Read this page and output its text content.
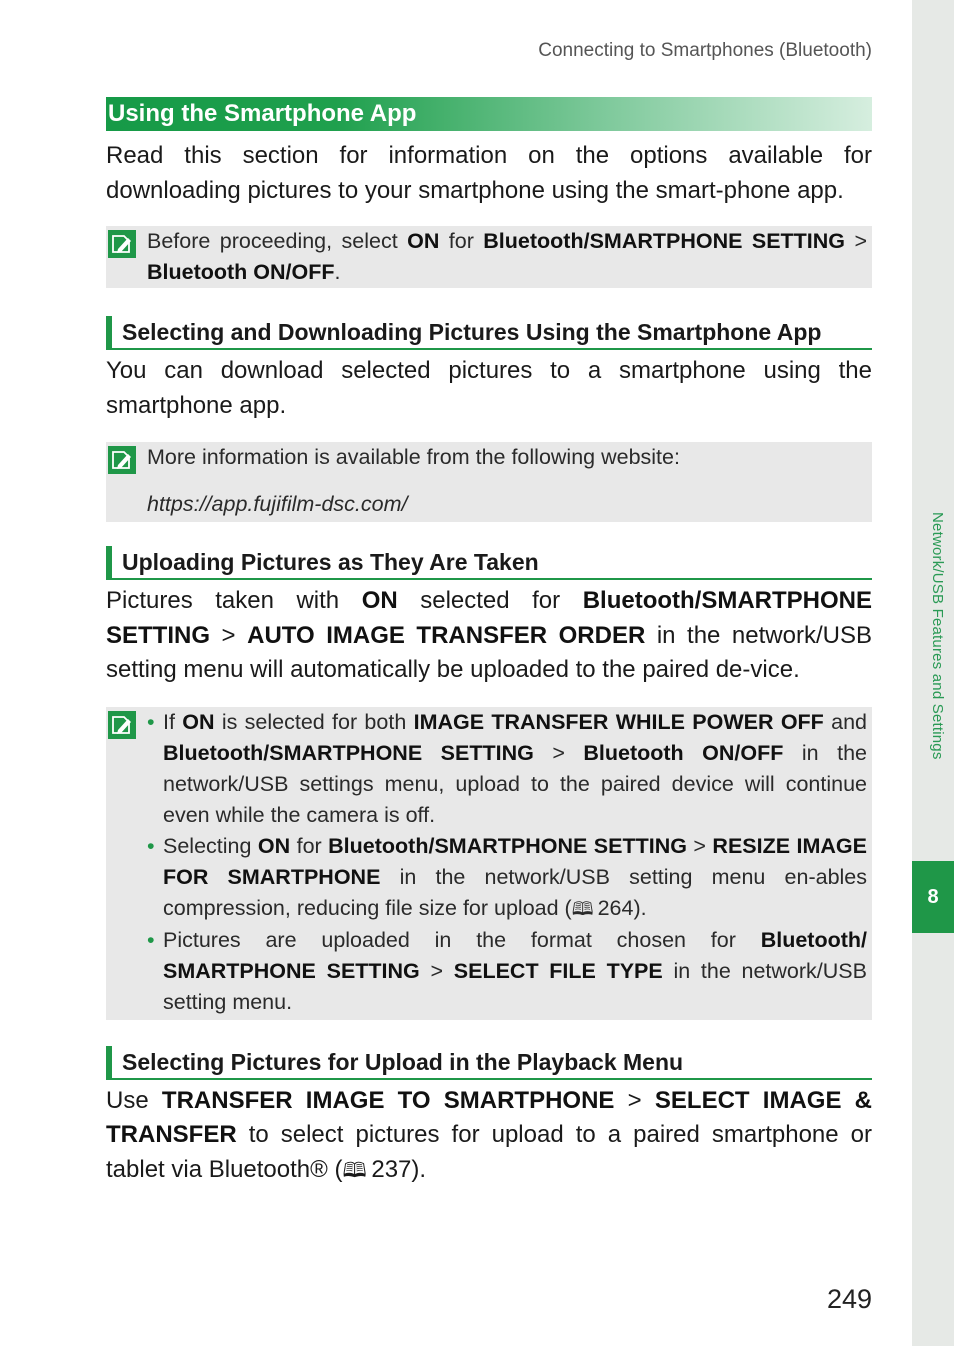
Network/USB Features and Settings
8
Connecting to Smartphones (Bluetooth)
Using the Smartphone App

Read this section for information on the options available for downloading pictures to your smartphone using the smart-phone app.

Before proceeding, select ON for Bluetooth/SMARTPHONE SETTING > Bluetooth ON/OFF.

Selecting and Downloading Pictures Using the Smartphone App

You can download selected pictures to a smartphone using the smartphone app.

More information is available from the following website:

https://app.fujifilm-dsc.com/

Uploading Pictures as They Are Taken

Pictures taken with ON selected for Bluetooth/SMARTPHONE SETTING > AUTO IMAGE TRANSFER ORDER in the network/USB setting menu will automatically be uploaded to the paired de-vice.

• If ON is selected for both IMAGE TRANSFER WHILE POWER OFF and Bluetooth/SMARTPHONE SETTING > Bluetooth ON/OFF in the network/USB settings menu, upload to the paired device will continue even while the camera is off.
• Selecting ON for Bluetooth/SMARTPHONE SETTING > RESIZE IMAGE FOR SMARTPHONE in the network/USB setting menu en-ables compression, reducing file size for upload (🕮  264).
• Pictures are uploaded in the format chosen for Bluetooth/ SMARTPHONE SETTING > SELECT FILE TYPE in the network/USB setting menu.
Selecting Pictures for Upload in the Playback Menu

Use TRANSFER IMAGE TO SMARTPHONE > SELECT IMAGE & TRANSFER to select pictures for upload to a paired smartphone or tablet via Bluetooth® (🕮  237).

249
